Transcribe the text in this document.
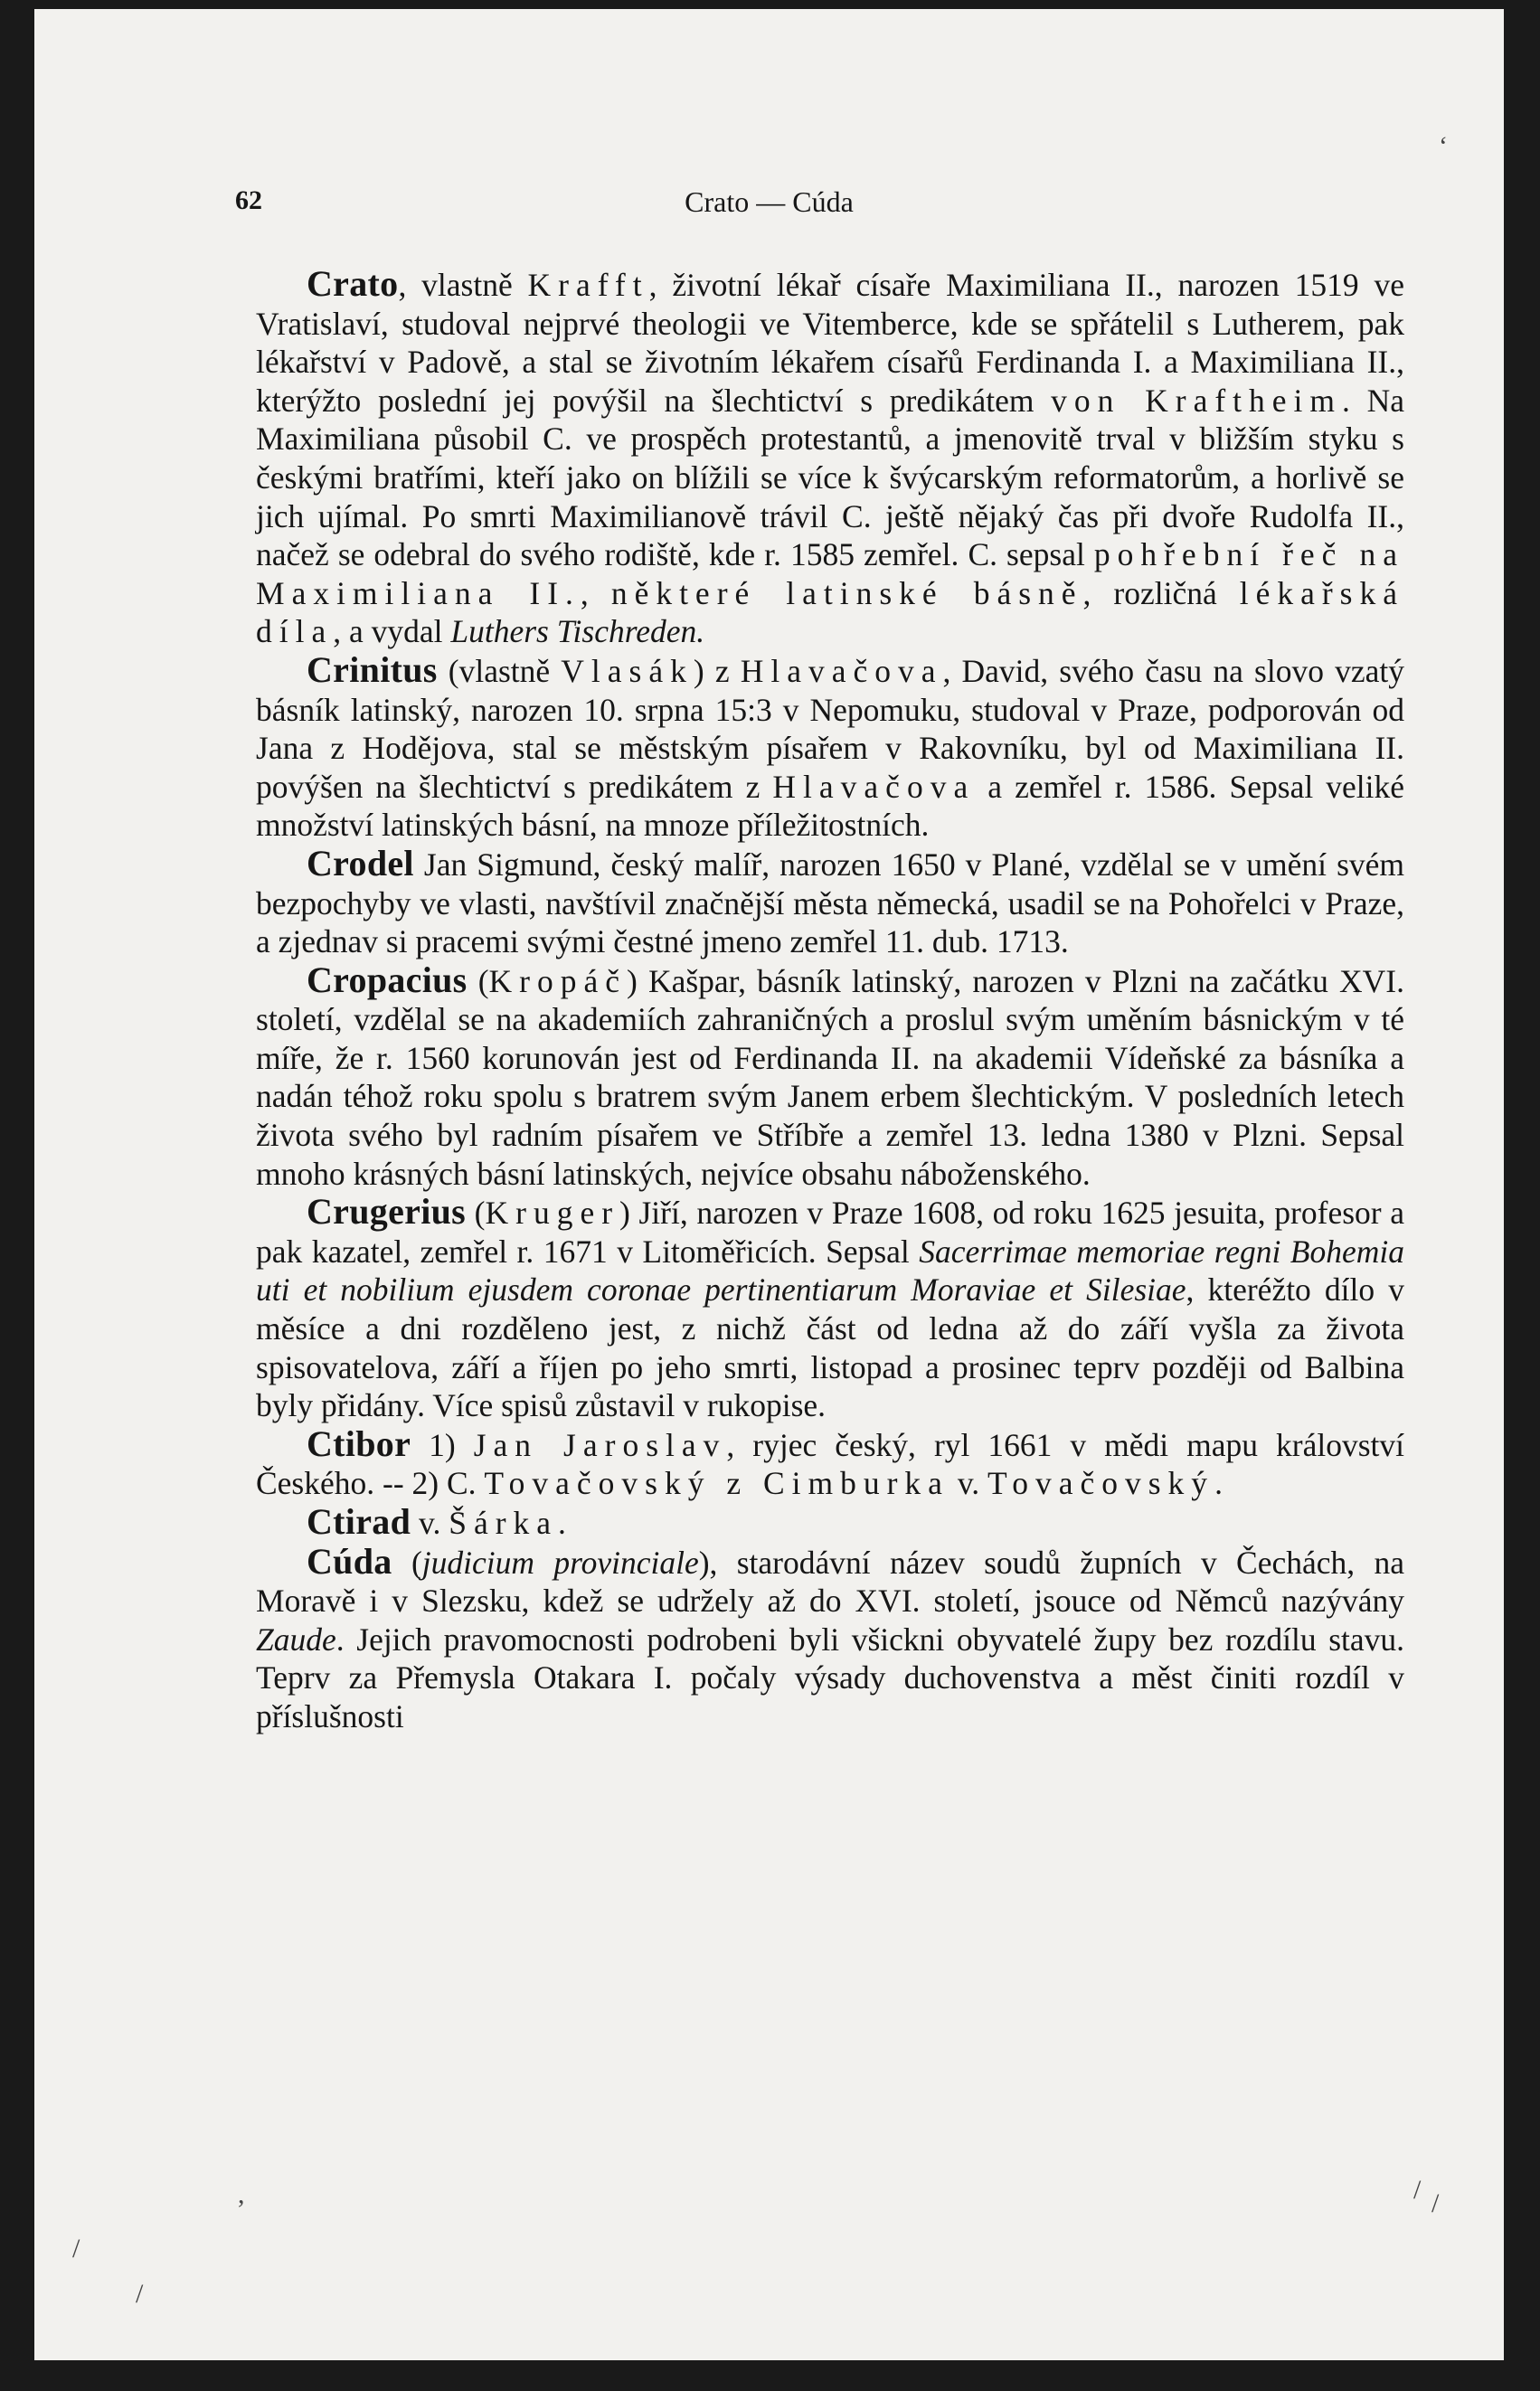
62	Crato — Cúda

Crato, vlastně Krafft, životní lékař císaře Maximiliana II., narozen 1519 ve Vratislaví, studoval nejprvé theologii ve Vitemberce, kde se spřátelil s Lutherem, pak lékařství v Padově, a stal se životním lékařem císařů Ferdinanda I. a Maximiliana II., kterýžto poslední jej povýšil na šlechtictví s predikátem von Kraftheim. Na Maximiliana působil C. ve prospěch protestantů, a jmenovitě trval v bližším styku s českými bratřími, kteří jako on blížili se více k švýcarským reformatorům, a horlivě se jich ujímal. Po smrti Maximilianově trávil C. ještě nějaký čas při dvoře Rudolfa II., načež se odebral do svého rodiště, kde r. 1585 zemřel. C. sepsal pohřební řeč na Maximiliana II., některé latinské básně, rozličná lékařská díla, a vydal Luthers Tischreden.

Crinitus (vlastně Vlasák) z Hlavačova, David, svého času na slovo vzatý básník latinský, narozen 10. srpna 15:3 v Nepomuku, studoval v Praze, podporován od Jana z Hodějova, stal se městským písařem v Rakovníku, byl od Maximiliana II. povýšen na šlechtictví s predikátem z Hlavačova a zemřel r. 1586. Sepsal veliké množství latinských básní, na mnoze příležitostních.

Crodel Jan Sigmund, český malíř, narozen 1650 v Plané, vzdělal se v umění svém bezpochyby ve vlasti, navštívil značnější města německá, usadil se na Pohořelci v Praze, a zjednav si pracemi svými čestné jmeno zemřel 11. dub. 1713.

Cropacius (Kropáč) Kašpar, básník latinský, narozen v Plzni na začátku XVI. století, vzdělal se na akademiích zahraničných a proslul svým uměním básnickým v té míře, že r. 1560 korunován jest od Ferdinanda II. na akademii Vídeňské za básníka a nadán téhož roku spolu s bratrem svým Janem erbem šlechtickým. V posledních letech života svého byl radním písařem ve Stříbře a zemřel 13. ledna 1380 v Plzni. Sepsal mnoho krásných básní latinských, nejvíce obsahu náboženského.

Crugerius (Kruger) Jiří, narozen v Praze 1608, od roku 1625 jesuita, profesor a pak kazatel, zemřel r. 1671 v Litoměřicích. Sepsal Sacerrimae memoriae regni Bohemia uti et nobilium ejusdem coronae pertinentiarum Moraviae et Silesiae, kteréžto dílo v měsíce a dni rozděleno jest, z nichž část od ledna až do září vyšla za života spisovatelova, září a říjen po jeho smrti, listopad a prosinec teprv později od Balbina byly přidány. Více spisů zůstavil v rukopise.

Ctibor 1) Jan Jaroslav, ryjec český, ryl 1661 v mědi mapu království Českého. -- 2) C. Tovačovský z Cimburka v. Tovačovský.

Ctirad v. Šárka.

Cúda (judicium provinciale), starodávní název soudů župních v Čechách, na Moravě i v Slezsku, kdež se udržely až do XVI. století, jsouce od Němců nazývány Zaude. Jejich pravomocnosti podrobeni byli všickni obyvatelé župy bez rozdílu stavu. Teprv za Přemysla Otakara I. počaly výsady duchovenstva a měst činiti rozdíl v příslušnosti

‘
/ /
,
/
/
